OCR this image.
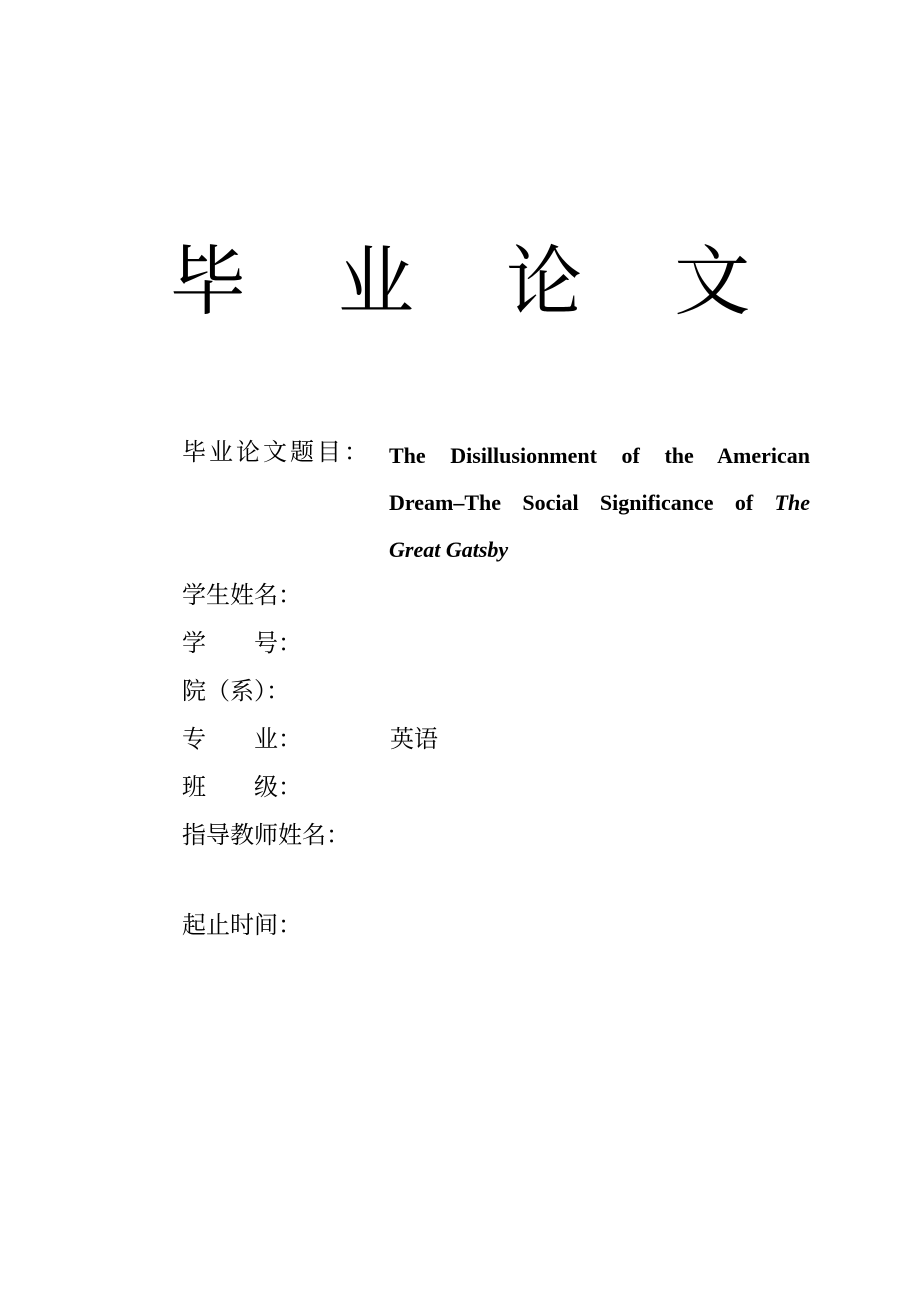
毕 业 论 文
毕业论文题目： The Disillusionment of the American
Dream–The Social Significance of The
Great Gatsby
学生姓名：
学　　号：
院（系）：
专　　业：	英语
班　　级：
指导教师姓名：
起止时间：
